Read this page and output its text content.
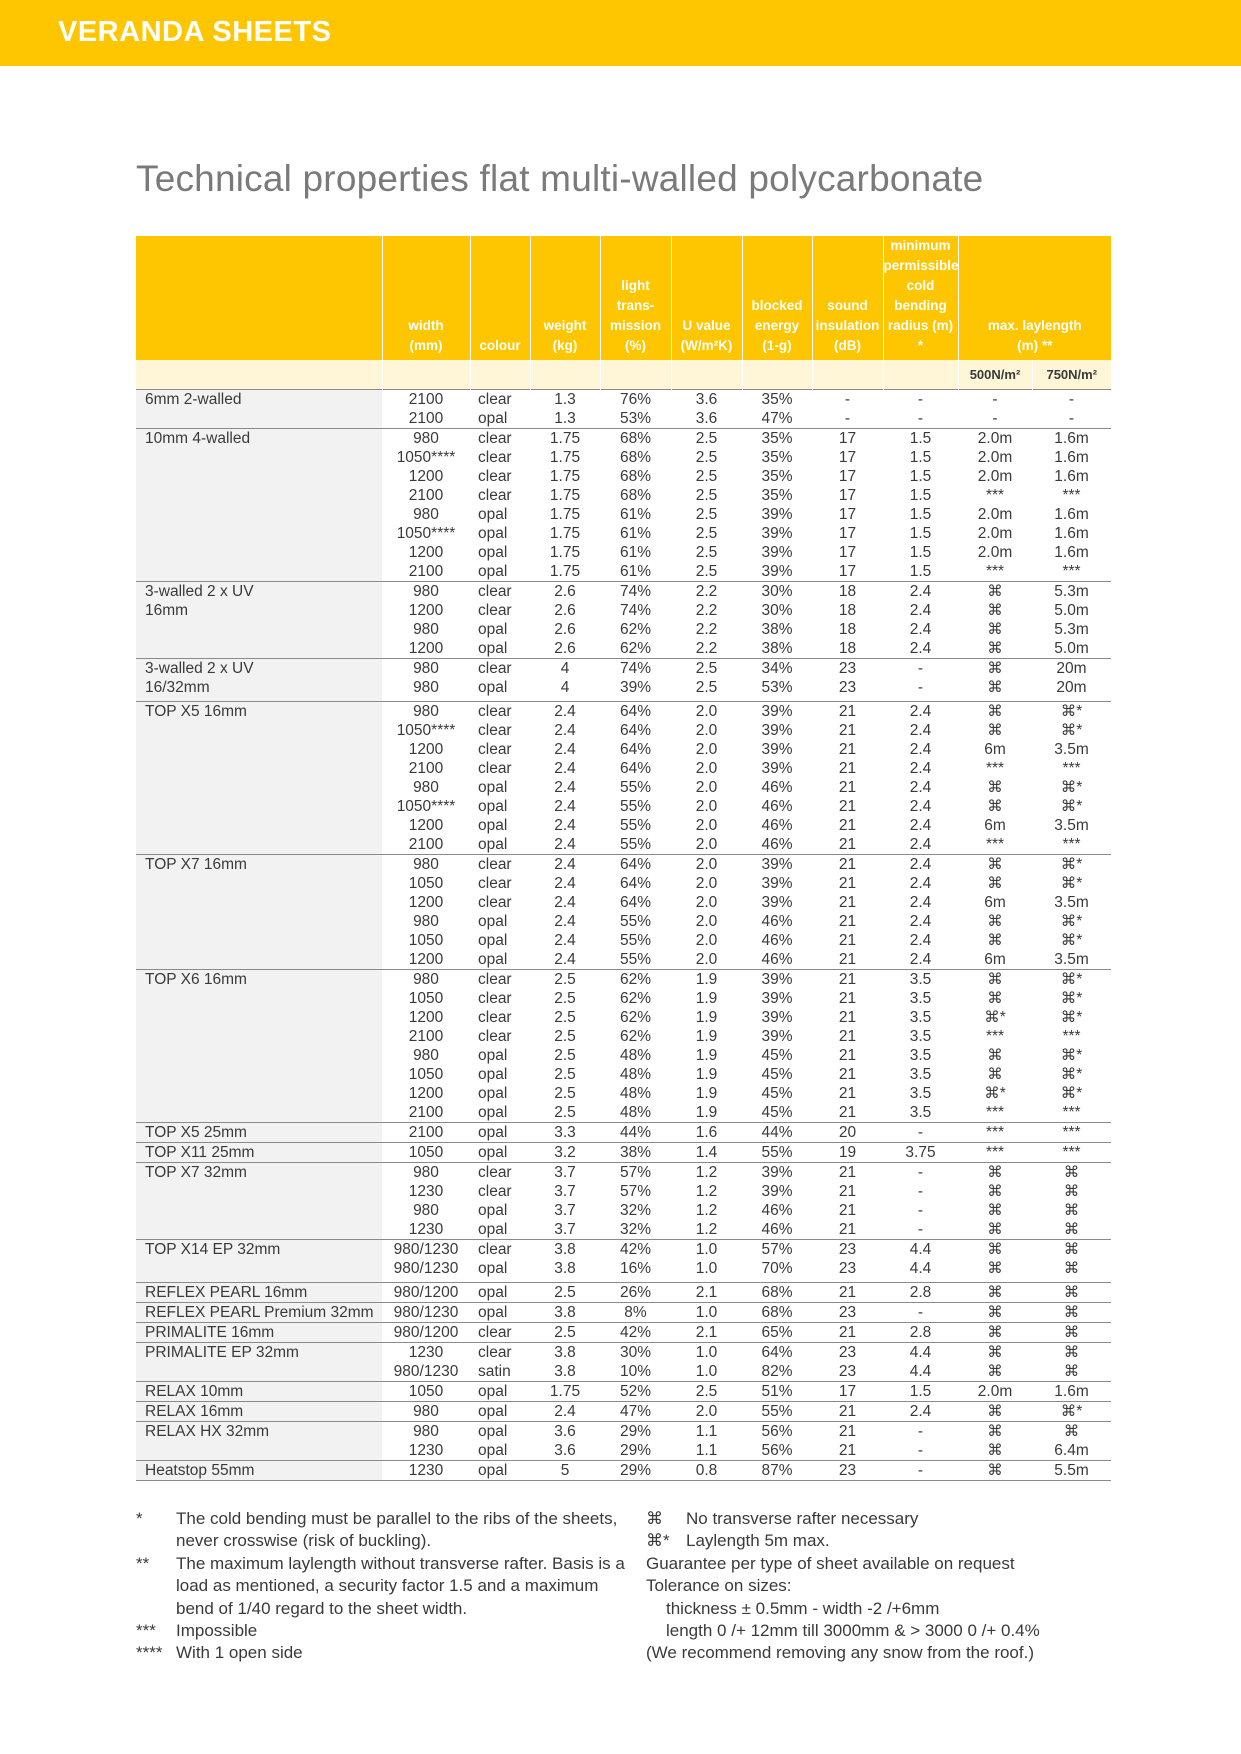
VERANDA SHEETS
Technical properties flat multi-walled polycarbonate
	width
(mm)	colour	weight
(kg)	light
trans-
mission
(%)	U value
(W/m²K)	blocked
energy
(1-g)	sound
insulation
(dB)	minimum
permissible
cold
bending
radius (m) *	max. laylength
(m) **	
									500N/m²	750N/m²
6mm 2-walled	2100	clear	1.3	76%	3.6	35%	-	-	-	-
	2100	opal	1.3	53%	3.6	47%	-	-	-	-
10mm 4-walled	980	clear	1.75	68%	2.5	35%	17	1.5	2.0m	1.6m
	1050****	clear	1.75	68%	2.5	35%	17	1.5	2.0m	1.6m
	1200	clear	1.75	68%	2.5	35%	17	1.5	2.0m	1.6m
	2100	clear	1.75	68%	2.5	35%	17	1.5	***	***
	980	opal	1.75	61%	2.5	39%	17	1.5	2.0m	1.6m
	1050****	opal	1.75	61%	2.5	39%	17	1.5	2.0m	1.6m
	1200	opal	1.75	61%	2.5	39%	17	1.5	2.0m	1.6m
	2100	opal	1.75	61%	2.5	39%	17	1.5	***	***
3-walled 2 x UV	980	clear	2.6	74%	2.2	30%	18	2.4	⌘	5.3m
16mm	1200	clear	2.6	74%	2.2	30%	18	2.4	⌘	5.0m
	980	opal	2.6	62%	2.2	38%	18	2.4	⌘	5.3m
	1200	opal	2.6	62%	2.2	38%	18	2.4	⌘	5.0m
3-walled 2 x UV	980	clear	4	74%	2.5	34%	23	-	⌘	20m
16/32mm	980	opal	4	39%	2.5	53%	23	-	⌘	20m

TOP X5 16mm	980	clear	2.4	64%	2.0	39%	21	2.4	⌘	⌘*
	1050****	clear	2.4	64%	2.0	39%	21	2.4	⌘	⌘*
	1200	clear	2.4	64%	2.0	39%	21	2.4	6m	3.5m
	2100	clear	2.4	64%	2.0	39%	21	2.4	***	***
	980	opal	2.4	55%	2.0	46%	21	2.4	⌘	⌘*
	1050****	opal	2.4	55%	2.0	46%	21	2.4	⌘	⌘*
	1200	opal	2.4	55%	2.0	46%	21	2.4	6m	3.5m
	2100	opal	2.4	55%	2.0	46%	21	2.4	***	***
TOP X7 16mm	980	clear	2.4	64%	2.0	39%	21	2.4	⌘	⌘*
	1050	clear	2.4	64%	2.0	39%	21	2.4	⌘	⌘*
	1200	clear	2.4	64%	2.0	39%	21	2.4	6m	3.5m
	980	opal	2.4	55%	2.0	46%	21	2.4	⌘	⌘*
	1050	opal	2.4	55%	2.0	46%	21	2.4	⌘	⌘*
	1200	opal	2.4	55%	2.0	46%	21	2.4	6m	3.5m
TOP X6 16mm	980	clear	2.5	62%	1.9	39%	21	3.5	⌘	⌘*
	1050	clear	2.5	62%	1.9	39%	21	3.5	⌘	⌘*
	1200	clear	2.5	62%	1.9	39%	21	3.5	⌘*	⌘*
	2100	clear	2.5	62%	1.9	39%	21	3.5	***	***
	980	opal	2.5	48%	1.9	45%	21	3.5	⌘	⌘*
	1050	opal	2.5	48%	1.9	45%	21	3.5	⌘	⌘*
	1200	opal	2.5	48%	1.9	45%	21	3.5	⌘*	⌘*
	2100	opal	2.5	48%	1.9	45%	21	3.5	***	***
TOP X5 25mm	2100	opal	3.3	44%	1.6	44%	20	-	***	***
TOP X11 25mm	1050	opal	3.2	38%	1.4	55%	19	3.75	***	***
TOP X7 32mm	980	clear	3.7	57%	1.2	39%	21	-	⌘	⌘
	1230	clear	3.7	57%	1.2	39%	21	-	⌘	⌘
	980	opal	3.7	32%	1.2	46%	21	-	⌘	⌘
	1230	opal	3.7	32%	1.2	46%	21	-	⌘	⌘
TOP X14 EP 32mm	980/1230	clear	3.8	42%	1.0	57%	23	4.4	⌘	⌘
	980/1230	opal	3.8	16%	1.0	70%	23	4.4	⌘	⌘

REFLEX PEARL 16mm	980/1200	opal	2.5	26%	2.1	68%	21	2.8	⌘	⌘
REFLEX PEARL Premium 32mm	980/1230	opal	3.8	8%	1.0	68%	23	-	⌘	⌘
PRIMALITE 16mm	980/1200	clear	2.5	42%	2.1	65%	21	2.8	⌘	⌘
PRIMALITE EP 32mm	1230	clear	3.8	30%	1.0	64%	23	4.4	⌘	⌘
	980/1230	satin	3.8	10%	1.0	82%	23	4.4	⌘	⌘
RELAX 10mm	1050	opal	1.75	52%	2.5	51%	17	1.5	2.0m	1.6m
RELAX 16mm	980	opal	2.4	47%	2.0	55%	21	2.4	⌘	⌘*
RELAX HX 32mm	980	opal	3.6	29%	1.1	56%	21	-	⌘	⌘
	1230	opal	3.6	29%	1.1	56%	21	-	⌘	6.4m
Heatstop 55mm	1230	opal	5	29%	0.8	87%	23	-	⌘	5.5m
*	The cold bending must be parallel to the ribs of the sheets, never crosswise (risk of buckling).
**	The maximum laylength without transverse rafter. Basis is a load as mentioned, a security factor 1.5 and a maximum bend of 1/40 regard to the sheet width.
***	Impossible
**** With 1 open side
⌘	No transverse rafter necessary
⌘* Laylength 5m max.
Guarantee per type of sheet available on request
Tolerance on sizes:
thickness ± 0.5mm - width -2 /+6mm
length 0 /+ 12mm till 3000mm & > 3000 0 /+ 0.4%
(We recommend removing any snow from the roof.)
